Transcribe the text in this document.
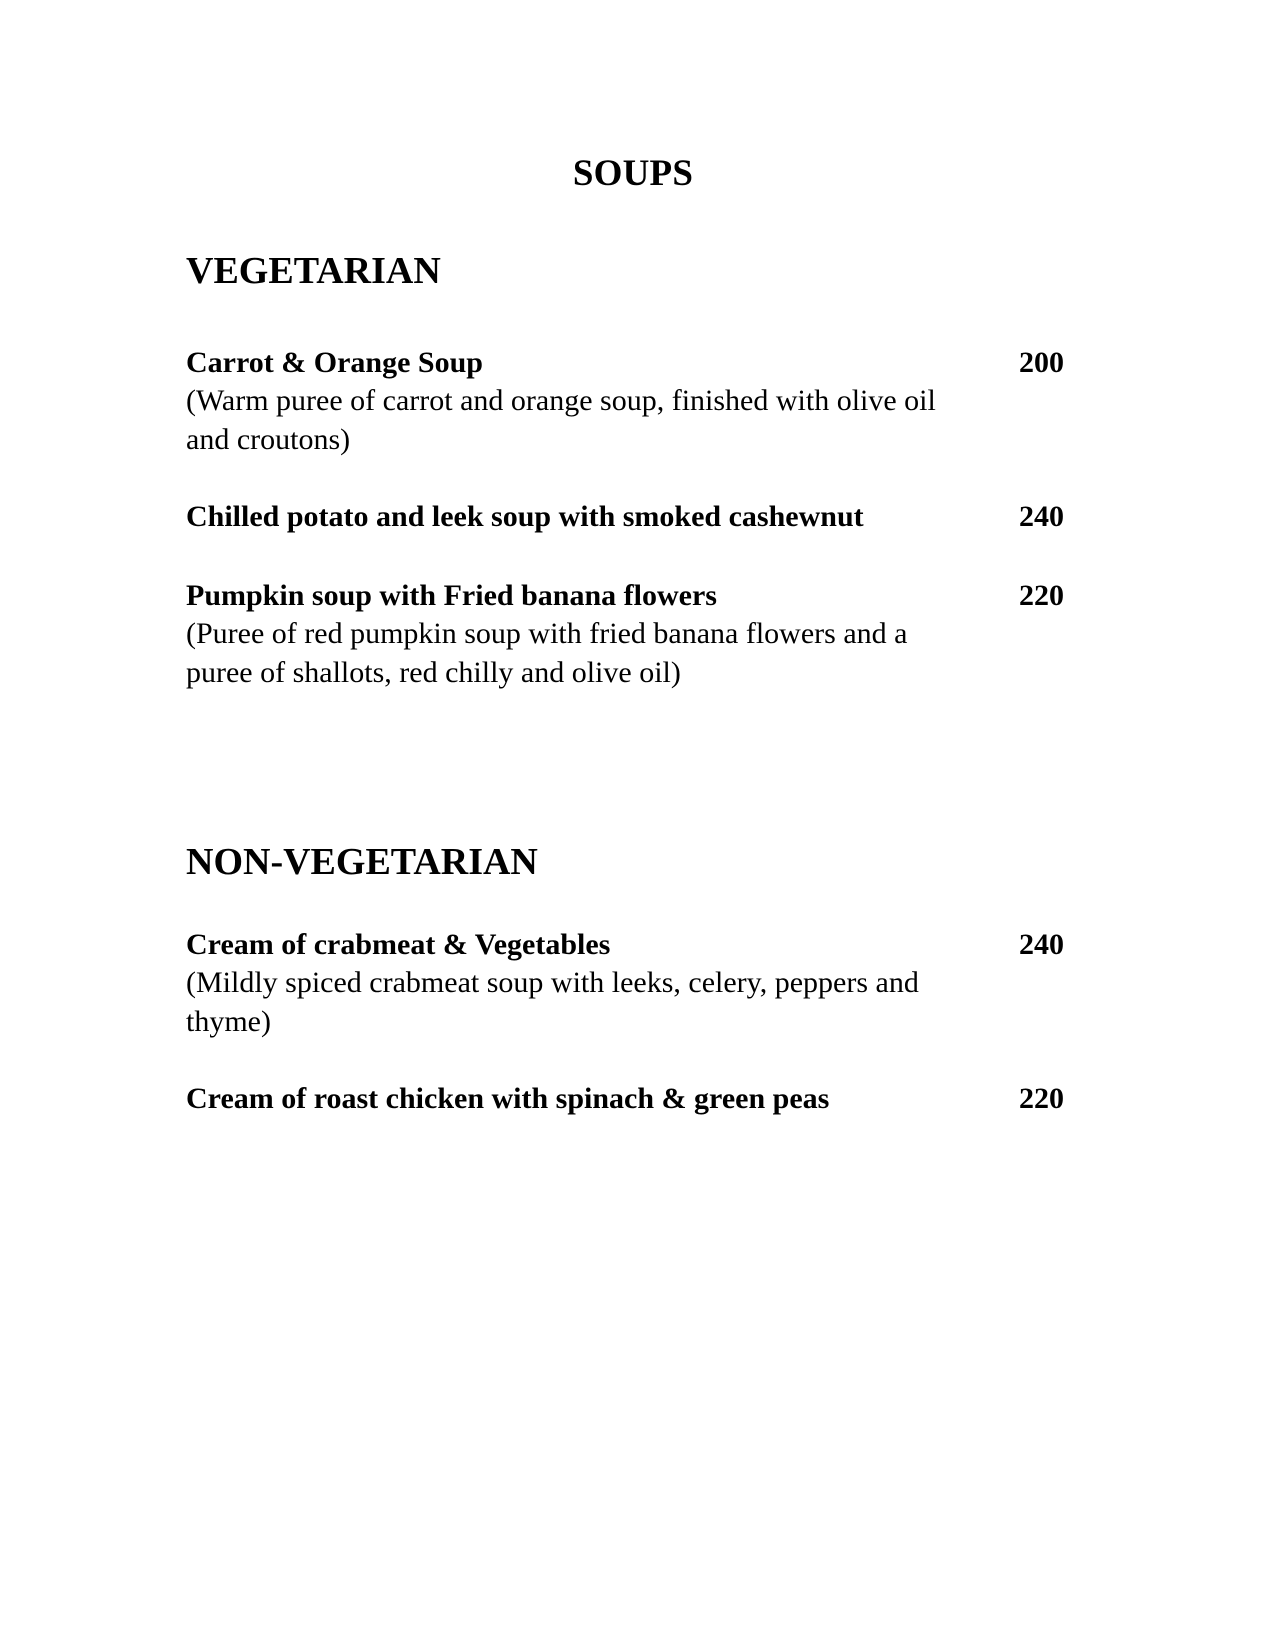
SOUPS
VEGETARIAN
Carrot & Orange Soup	200
(Warm puree of carrot and orange soup, finished with olive oil
and croutons)
Chilled potato and leek soup with smoked cashewnut	240
Pumpkin soup with Fried banana flowers	220
(Puree of red pumpkin soup with fried banana flowers and a
puree of shallots, red chilly and olive oil)
NON-VEGETARIAN
Cream of crabmeat & Vegetables	240
(Mildly spiced crabmeat soup with leeks, celery, peppers and
thyme)
Cream of roast chicken with spinach & green peas	220
